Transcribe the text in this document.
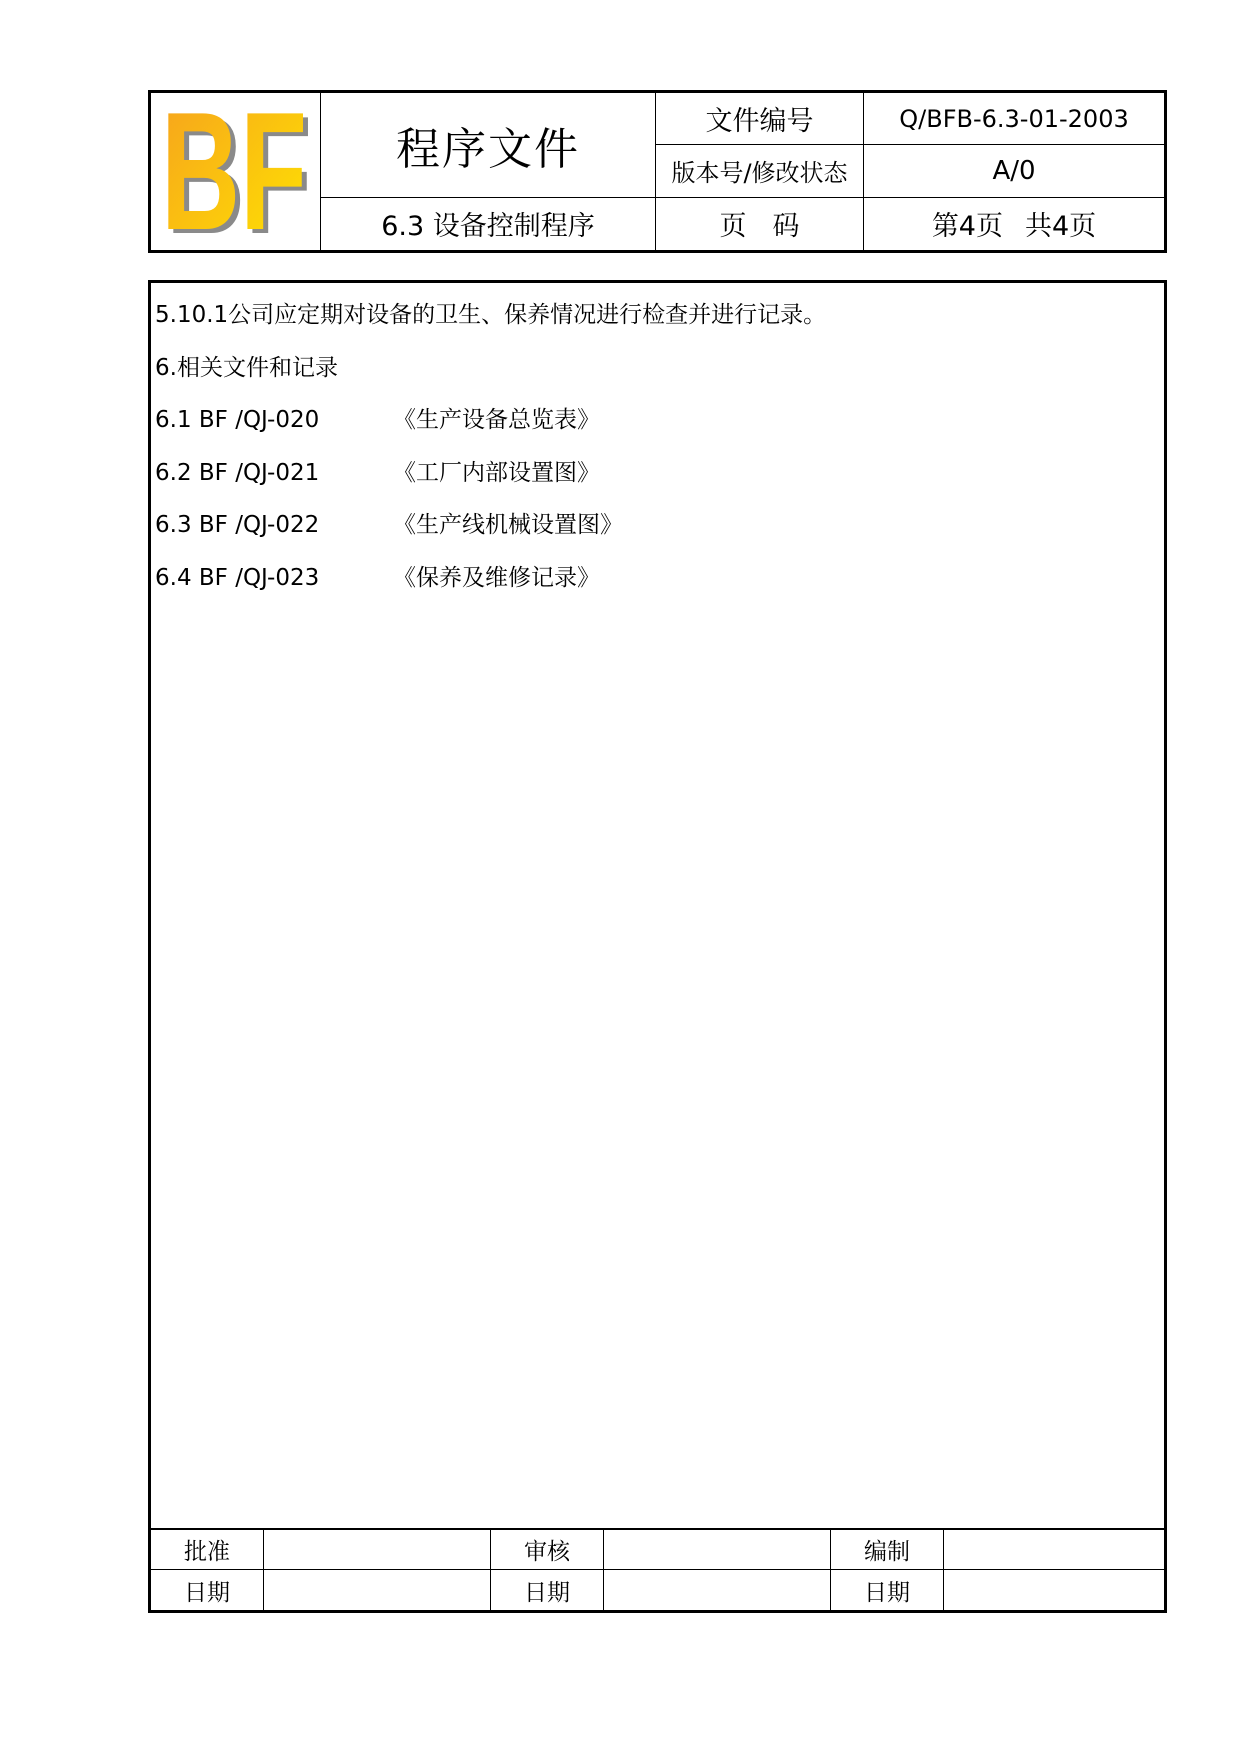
BF
BF	程序文件
文件编号	Q/BFB-6.3-01-2003
版本号/修改状态	A/0
6.3 设备控制程序	页码	第4页 共4页
5.10.1公司应定期对设备的卫生、保养情况进行检查并进行记录。
6.相关文件和记录
6.1 BF /QJ-020	《生产设备总览表》
6.2 BF /QJ-021	《工厂内部设置图》
6.3 BF /QJ-022	《生产线机械设置图》
6.4 BF /QJ-023	《保养及维修记录》
批准	审核	编制
日期	日期	日期
